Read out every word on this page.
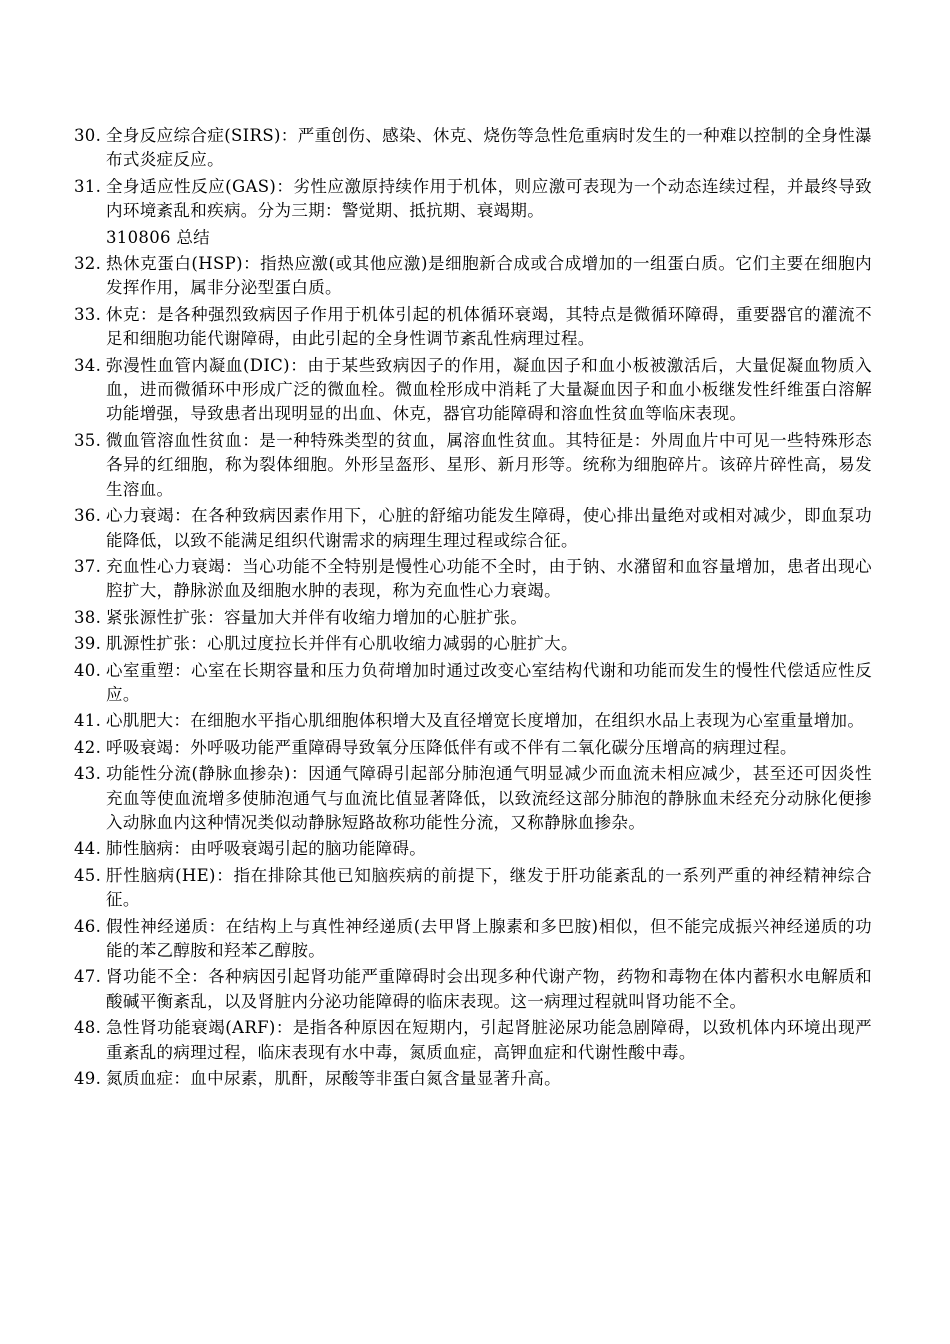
30. 全身反应综合症(SIRS)：严重创伤、感染、休克、烧伤等急性危重病时发生的一种难以控制的全身性瀑布式炎症反应。
31. 全身适应性反应(GAS)：劣性应激原持续作用于机体，则应激可表现为一个动态连续过程，并最终导致内环境紊乱和疾病。分为三期：警觉期、抵抗期、衰竭期。
310806 总结
32. 热休克蛋白(HSP)：指热应激(或其他应激)是细胞新合成或合成增加的一组蛋白质。它们主要在细胞内发挥作用，属非分泌型蛋白质。
33. 休克：是各种强烈致病因子作用于机体引起的机体循环衰竭，其特点是微循环障碍，重要器官的灌流不足和细胞功能代谢障碍，由此引起的全身性调节紊乱性病理过程。
34. 弥漫性血管内凝血(DIC)：由于某些致病因子的作用，凝血因子和血小板被激活后，大量促凝血物质入血，进而微循环中形成广泛的微血栓。微血栓形成中消耗了大量凝血因子和血小板继发性纤维蛋白溶解功能增强，导致患者出现明显的出血、休克，器官功能障碍和溶血性贫血等临床表现。
35. 微血管溶血性贫血：是一种特殊类型的贫血，属溶血性贫血。其特征是：外周血片中可见一些特殊形态各异的红细胞，称为裂体细胞。外形呈盔形、星形、新月形等。统称为细胞碎片。该碎片碎性高，易发生溶血。
36. 心力衰竭：在各种致病因素作用下，心脏的舒缩功能发生障碍，使心排出量绝对或相对减少，即血泵功能降低，以致不能满足组织代谢需求的病理生理过程或综合征。
37. 充血性心力衰竭：当心功能不全特别是慢性心功能不全时，由于钠、水潴留和血容量增加，患者出现心腔扩大，静脉淤血及细胞水肿的表现，称为充血性心力衰竭。
38. 紧张源性扩张：容量加大并伴有收缩力增加的心脏扩张。
39. 肌源性扩张：心肌过度拉长并伴有心肌收缩力减弱的心脏扩大。
40. 心室重塑：心室在长期容量和压力负荷增加时通过改变心室结构代谢和功能而发生的慢性代偿适应性反应。
41. 心肌肥大：在细胞水平指心肌细胞体积增大及直径增宽长度增加，在组织水品上表现为心室重量增加。
42. 呼吸衰竭：外呼吸功能严重障碍导致氧分压降低伴有或不伴有二氧化碳分压增高的病理过程。
43. 功能性分流(静脉血掺杂)：因通气障碍引起部分肺泡通气明显减少而血流未相应减少，甚至还可因炎性充血等使血流增多使肺泡通气与血流比值显著降低，以致流经这部分肺泡的静脉血未经充分动脉化便掺入动脉血内这种情况类似动静脉短路故称功能性分流，又称静脉血掺杂。
44. 肺性脑病：由呼吸衰竭引起的脑功能障碍。
45. 肝性脑病(HE)：指在排除其他已知脑疾病的前提下，继发于肝功能紊乱的一系列严重的神经精神综合征。
46. 假性神经递质：在结构上与真性神经递质(去甲肾上腺素和多巴胺)相似，但不能完成振兴神经递质的功能的苯乙醇胺和羟苯乙醇胺。
47. 肾功能不全：各种病因引起肾功能严重障碍时会出现多种代谢产物，药物和毒物在体内蓄积水电解质和酸碱平衡紊乱，以及肾脏内分泌功能障碍的临床表现。这一病理过程就叫肾功能不全。
48. 急性肾功能衰竭(ARF)：是指各种原因在短期内，引起肾脏泌尿功能急剧障碍，以致机体内环境出现严重紊乱的病理过程，临床表现有水中毒，氮质血症，高钾血症和代谢性酸中毒。
49. 氮质血症：血中尿素，肌酐，尿酸等非蛋白氮含量显著升高。
